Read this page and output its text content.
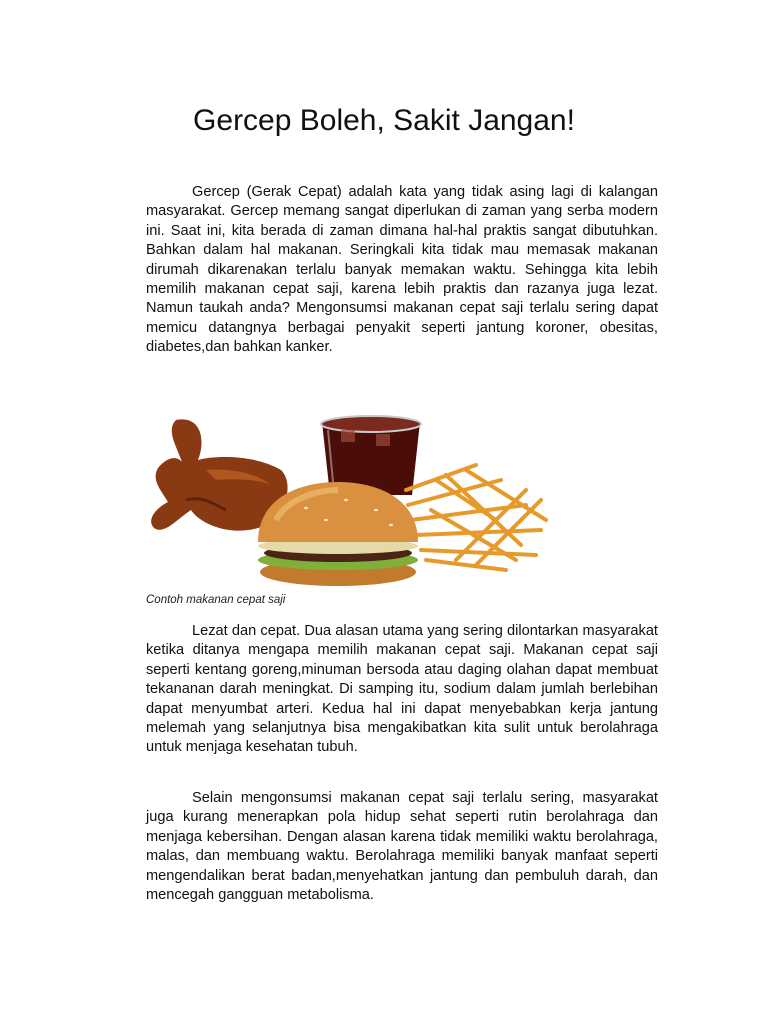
Gercep Boleh, Sakit Jangan!

Gercep (Gerak Cepat) adalah kata yang tidak asing lagi di kalangan masyarakat. Gercep memang sangat diperlukan di zaman yang serba modern ini. Saat ini, kita berada di zaman dimana hal-hal praktis sangat dibutuhkan. Bahkan dalam hal makanan. Seringkali kita tidak mau memasak makanan dirumah dikarenakan terlalu banyak memakan waktu. Sehingga kita lebih memilih makanan cepat saji, karena lebih praktis dan razanya juga lezat. Namun taukah anda? Mengonsumsi makanan cepat saji terlalu sering dapat memicu datangnya berbagai penyakit seperti jantung koroner, obesitas, diabetes,dan bahkan kanker.

Contoh makanan cepat saji

Lezat dan cepat. Dua alasan utama yang sering dilontarkan masyarakat ketika ditanya mengapa memilih makanan cepat saji. Makanan cepat saji seperti kentang goreng,minuman bersoda atau daging olahan dapat membuat tekananan darah meningkat. Di samping itu, sodium dalam jumlah berlebihan dapat menyumbat arteri. Kedua hal ini dapat menyebabkan kerja jantung melemah yang selanjutnya bisa mengakibatkan kita sulit untuk berolahraga untuk menjaga kesehatan tubuh.

Selain mengonsumsi makanan cepat saji terlalu sering, masyarakat juga kurang menerapkan pola hidup sehat seperti rutin berolahraga dan menjaga kebersihan. Dengan alasan karena tidak memiliki waktu berolahraga, malas, dan membuang waktu. Berolahraga memiliki banyak manfaat seperti mengendalikan berat badan,menyehatkan jantung dan pembuluh darah, dan mencegah gangguan metabolisma.
